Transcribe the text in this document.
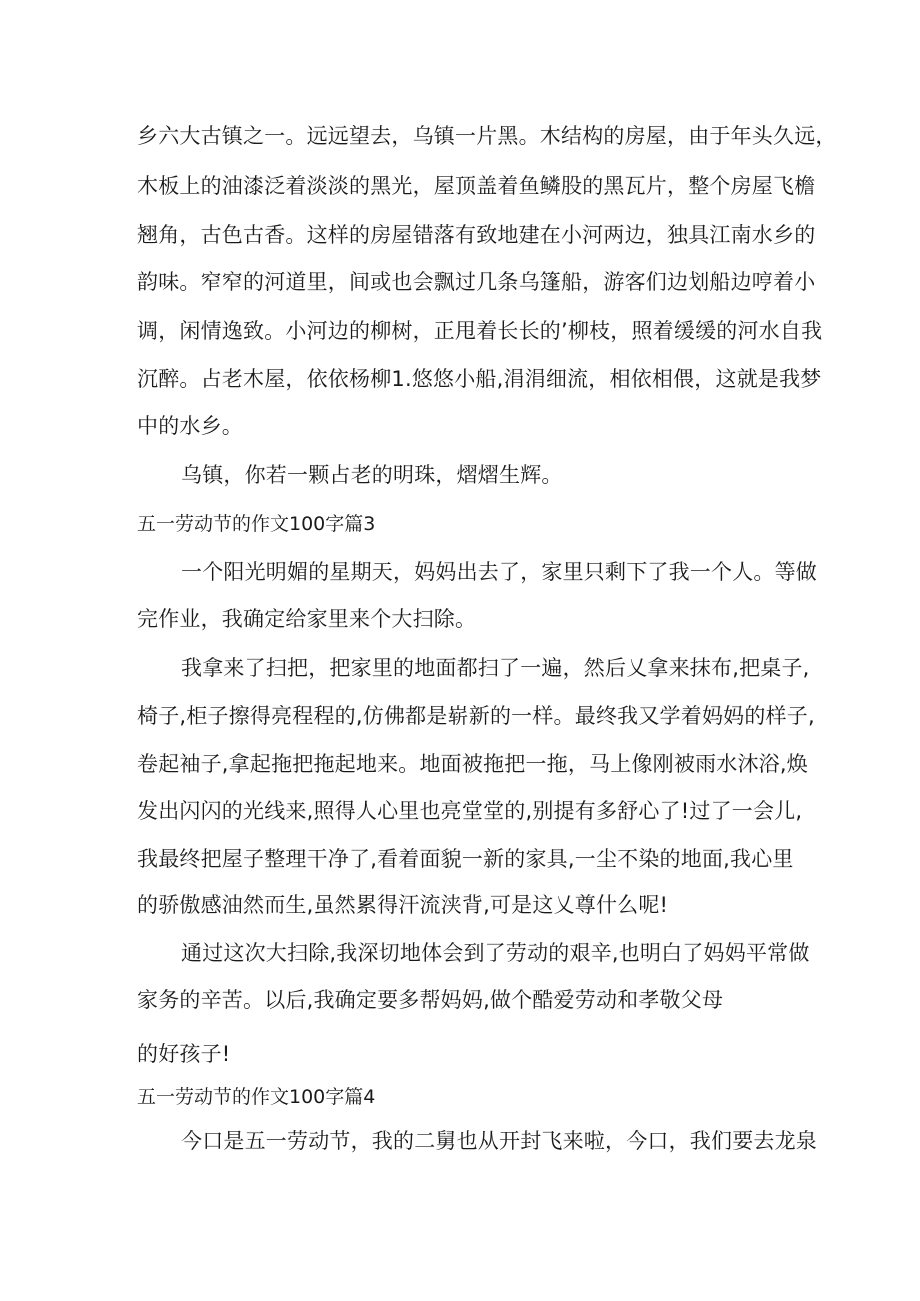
乡六大古镇之一。远远望去，乌镇一片黑。木结构的房屋，由于年头久远，
木板上的油漆泛着淡淡的黑光，屋顶盖着鱼鳞股的黑瓦片，整个房屋飞檐
翘角，古色古香。这样的房屋错落有致地建在小河两边，独具江南水乡的
韵味。窄窄的河道里，间或也会飘过几条乌篷船，游客们边划船边哼着小
调，闲情逸致。小河边的柳树，正甩着长长的’柳枝，照着缓缓的河水自我
沉醉。占老木屋，依依杨柳1.悠悠小船,涓涓细流，相依相偎，这就是我梦
中的水乡。
乌镇，你若一颗占老的明珠，熠熠生辉。
五一劳动节的作文100字篇3
一个阳光明媚的星期天，妈妈出去了，家里只剩下了我一个人。等做
完作业，我确定给家里来个大扫除。
我拿来了扫把，把家里的地面都扫了一遍，然后乂拿来抹布,把桌子,
椅子,柜子擦得亮程程的,仿佛都是崭新的一样。最终我又学着妈妈的样子,
卷起袖子,拿起拖把拖起地来。地面被拖把一拖，马上像刚被雨水沐浴,焕
发出闪闪的光线来,照得人心里也亮堂堂的,别提有多舒心了!过了一会儿,
我最终把屋子整理干净了,看着面貌一新的家具,一尘不染的地面,我心里
的骄傲感油然而生,虽然累得汗流浃背,可是这乂尊什么呢!
通过这次大扫除,我深切地体会到了劳动的艰辛,也明白了妈妈平常做
家务的辛苦。以后,我确定要多帮妈妈,做个酷爱劳动和孝敬父母
的好孩子!
五一劳动节的作文100字篇4
今口是五一劳动节，我的二舅也从开封飞来啦，今口，我们要去龙泉
